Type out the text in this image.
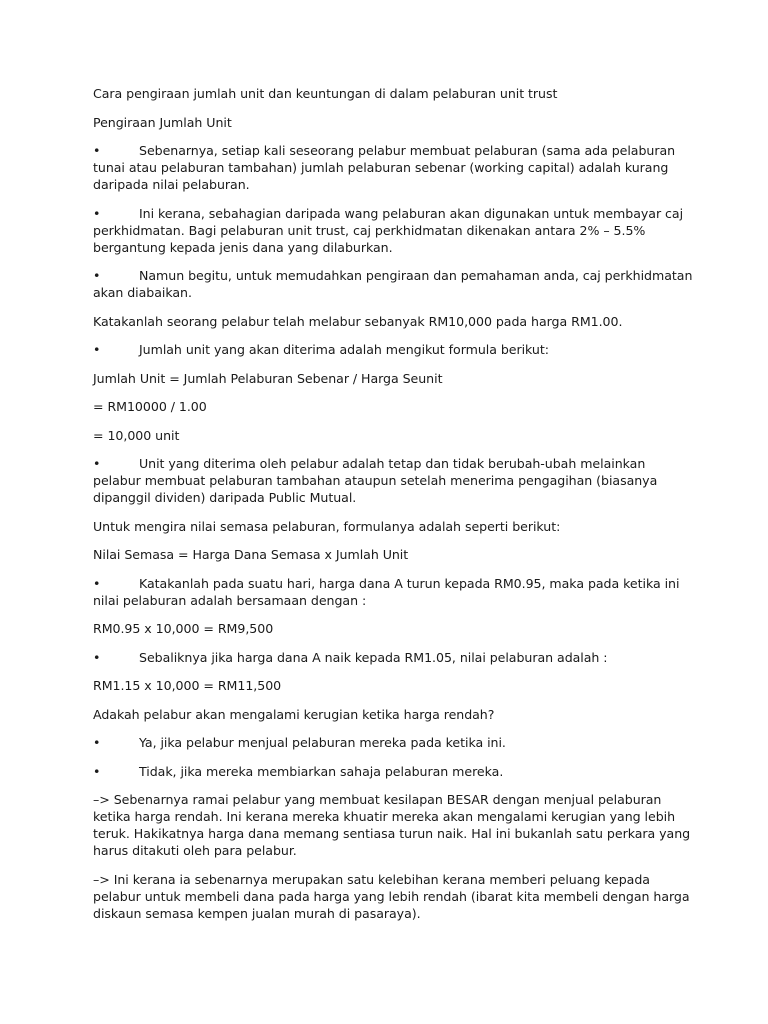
Cara pengiraan jumlah unit dan keuntungan di dalam pelaburan unit trust
Pengiraan Jumlah Unit
•	Sebenarnya, setiap kali seseorang pelabur membuat pelaburan (sama ada pelaburan tunai atau pelaburan tambahan) jumlah pelaburan sebenar (working capital) adalah kurang daripada nilai pelaburan.
•	Ini kerana, sebahagian daripada wang pelaburan akan digunakan untuk membayar caj perkhidmatan. Bagi pelaburan unit trust, caj perkhidmatan dikenakan antara 2% – 5.5% bergantung kepada jenis dana yang dilaburkan.
•	Namun begitu, untuk memudahkan pengiraan dan pemahaman anda, caj perkhidmatan akan diabaikan.
Katakanlah seorang pelabur telah melabur sebanyak RM10,000 pada harga RM1.00.
•	Jumlah unit yang akan diterima adalah mengikut formula berikut:
Jumlah Unit = Jumlah Pelaburan Sebenar / Harga Seunit
= RM10000 / 1.00
= 10,000 unit
•	Unit yang diterima oleh pelabur adalah tetap dan tidak berubah-ubah melainkan pelabur membuat pelaburan tambahan ataupun setelah menerima pengagihan (biasanya dipanggil dividen) daripada Public Mutual.
Untuk mengira nilai semasa pelaburan, formulanya adalah seperti berikut:
Nilai Semasa = Harga Dana Semasa x Jumlah Unit
•	Katakanlah pada suatu hari, harga dana A turun kepada RM0.95, maka pada ketika ini nilai pelaburan adalah bersamaan dengan :
RM0.95 x 10,000 = RM9,500
•	Sebaliknya jika harga dana A naik kepada RM1.05, nilai pelaburan adalah :
RM1.15 x 10,000 = RM11,500
Adakah pelabur akan mengalami kerugian ketika harga rendah?
•	Ya, jika pelabur menjual pelaburan mereka pada ketika ini.
•	Tidak, jika mereka membiarkan sahaja pelaburan mereka.
–> Sebenarnya ramai pelabur yang membuat kesilapan BESAR dengan menjual pelaburan ketika harga rendah. Ini kerana mereka khuatir mereka akan mengalami kerugian yang lebih teruk. Hakikatnya harga dana memang sentiasa turun naik. Hal ini bukanlah satu perkara yang harus ditakuti oleh para pelabur.
–> Ini kerana ia sebenarnya merupakan satu kelebihan kerana memberi peluang kepada pelabur untuk membeli dana pada harga yang lebih rendah (ibarat kita membeli dengan harga diskaun semasa kempen jualan murah di pasaraya).
